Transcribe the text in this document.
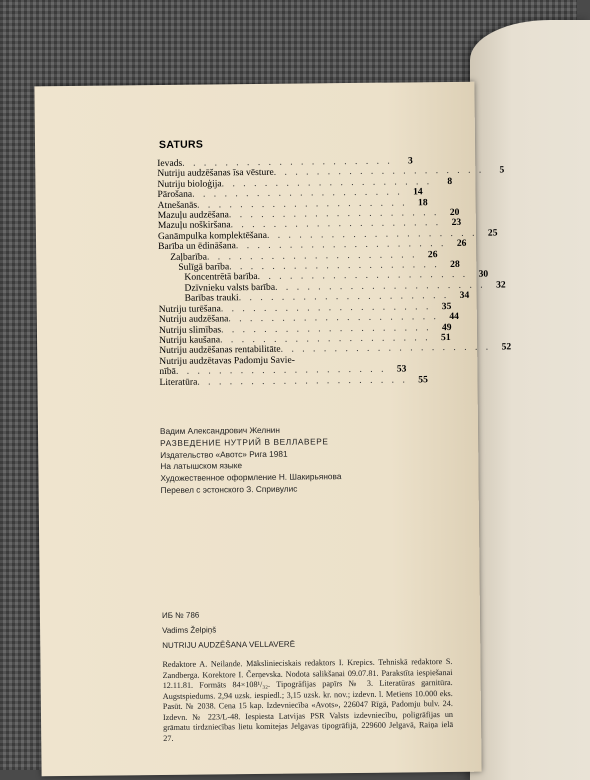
SATURS
Ievads . . . . . . . . . . . . . . . . . . . .	3
Nutriju audzēšanas īsa vēsture . . . . . . . . . . . . . . . . . . . .	5
Nutriju bioloģija . . . . . . . . . . . . . . . . . . . .	8
Pārošana . . . . . . . . . . . . . . . . . . . .	14
Atnešanās . . . . . . . . . . . . . . . . . . . .	18
Mazuļu audzēšana . . . . . . . . . . . . . . . . . . . .	20
Mazuļu noškiršana . . . . . . . . . . . . . . . . . . . .	23
Ganāmpulka komplektēšana . . . . . . . . . . . . . . . . . . . .	25
Barība un ēdināšana . . . . . . . . . . . . . . . . . . . .	26
Zaļbarība . . . . . . . . . . . . . . . . . . . .	26
Sulīgā barība . . . . . . . . . . . . . . . . . . . .	28
Koncentrētā barība . . . . . . . . . . . . . . . . . . . .	30
Dzīvnieku valsts barība . . . . . . . . . . . . . . . . . . . .	32
Barības trauki . . . . . . . . . . . . . . . . . . . .	34
Nutriju turēšana . . . . . . . . . . . . . . . . . . . .	35
Nutriju audzēšana . . . . . . . . . . . . . . . . . . . .	44
Nutriju slimības . . . . . . . . . . . . . . . . . . . .	49
Nutriju kaušana . . . . . . . . . . . . . . . . . . . .	51
Nutriju audzēšanas rentabilitāte . . . . . . . . . . . . . . . . . . . .	52
Nutriju audzētavas Padomju Savie-
nībā . . . . . . . . . . . . . . . . . . . .	53
Literatūra . . . . . . . . . . . . . . . . . . . .	55
Вадим Александрович Желнин
РАЗВЕДЕНИЕ НУТРИЙ В ВЕЛЛАВЕРЕ
Издательство «Авотс» Рига 1981
На латышском языке
Художественное оформление Н. Шакирьянова
Перевел с эстонского З. Спривулис
ИБ № 786
Vadims Želpiņš
NUTRIJU AUDZĒŠANA VELLAVERĒ
Redaktore A. Neilande. Mākslinieciskais redaktors I. Krepics. Tehniskā redaktore S. Zandberga. Korektore I. Čerņevska. Nodota salikšanai 09.07.81. Parakstīta iespiešanai 12.11.81. Formāts 84×108¹/₃₂. Tipogrāfijas papīrs № 3. Literatūras garnitūra. Augstspiedums. 2,94 uzsk. iespiedl.; 3,15 uzsk. kr. nov.; izdevn. l. Metiens 10.000 eks. Pasūt. № 2038. Cena 15 kap. Izdevniecība «Avots», 226047 Rīgā, Padomju bulv. 24. Izdevn. № 223/L-48. Iespiesta Latvijas PSR Valsts izdevniecību, poligrāfijas un grāmatu tirdzniecības lietu komitejas Jelgavas tipogrāfijā, 229600 Jelgavā, Raiņa ielā 27.
